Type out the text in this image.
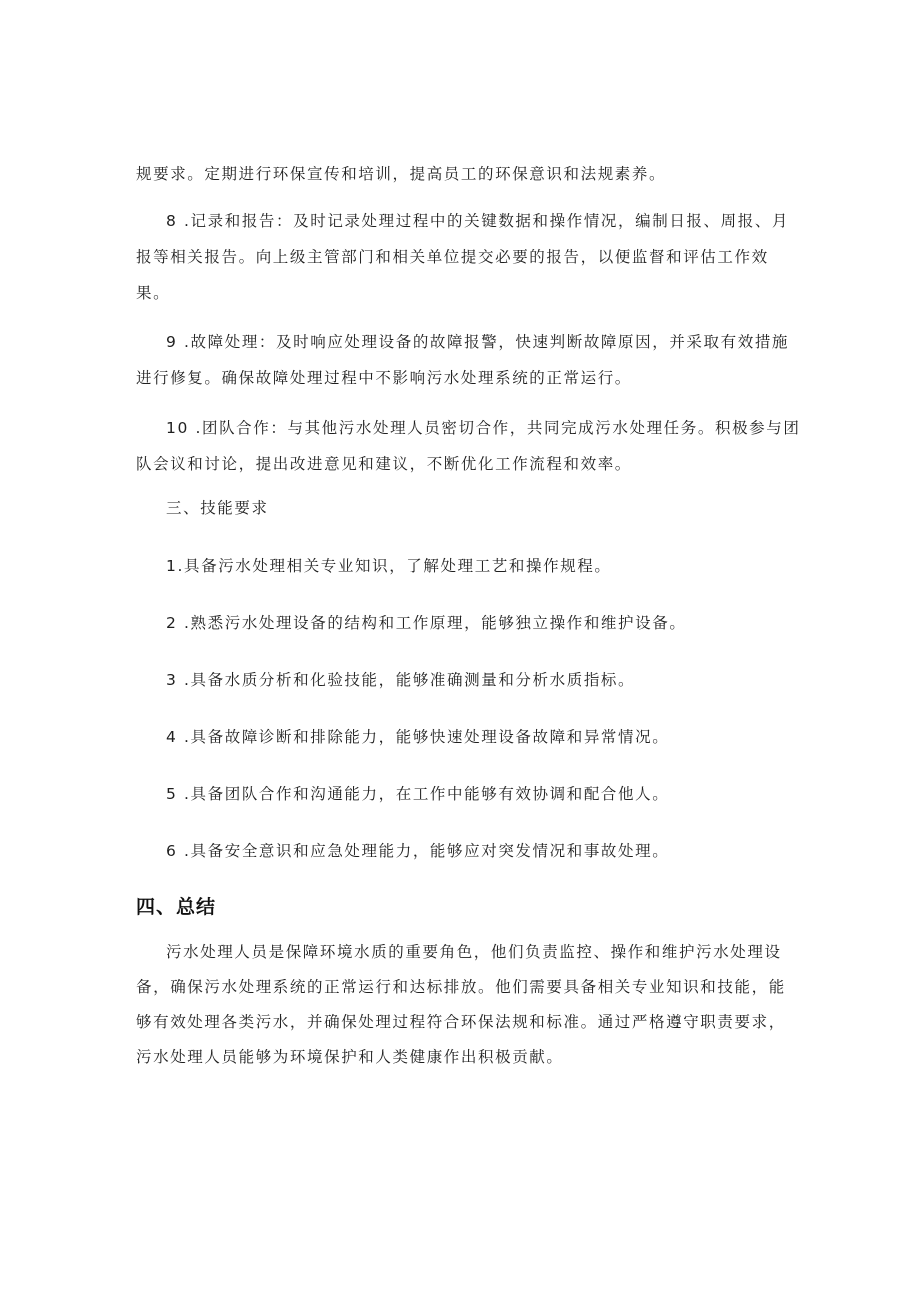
规要求。定期进行环保宣传和培训，提高员工的环保意识和法规素养。
8 .记录和报告：及时记录处理过程中的关键数据和操作情况，编制日报、周报、月
报等相关报告。向上级主管部门和相关单位提交必要的报告，以便监督和评估工作效
果。
9 .故障处理：及时响应处理设备的故障报警，快速判断故障原因，并采取有效措施
进行修复。确保故障处理过程中不影响污水处理系统的正常运行。
10 .团队合作：与其他污水处理人员密切合作，共同完成污水处理任务。积极参与团
队会议和讨论，提出改进意见和建议，不断优化工作流程和效率。
三、技能要求
1.具备污水处理相关专业知识，了解处理工艺和操作规程。
2 .熟悉污水处理设备的结构和工作原理，能够独立操作和维护设备。
3 .具备水质分析和化验技能，能够准确测量和分析水质指标。
4 .具备故障诊断和排除能力，能够快速处理设备故障和异常情况。
5 .具备团队合作和沟通能力，在工作中能够有效协调和配合他人。
6 .具备安全意识和应急处理能力，能够应对突发情况和事故处理。
四、总结
污水处理人员是保障环境水质的重要角色，他们负责监控、操作和维护污水处理设
备，确保污水处理系统的正常运行和达标排放。他们需要具备相关专业知识和技能，能
够有效处理各类污水，并确保处理过程符合环保法规和标准。通过严格遵守职责要求，
污水处理人员能够为环境保护和人类健康作出积极贡献。
